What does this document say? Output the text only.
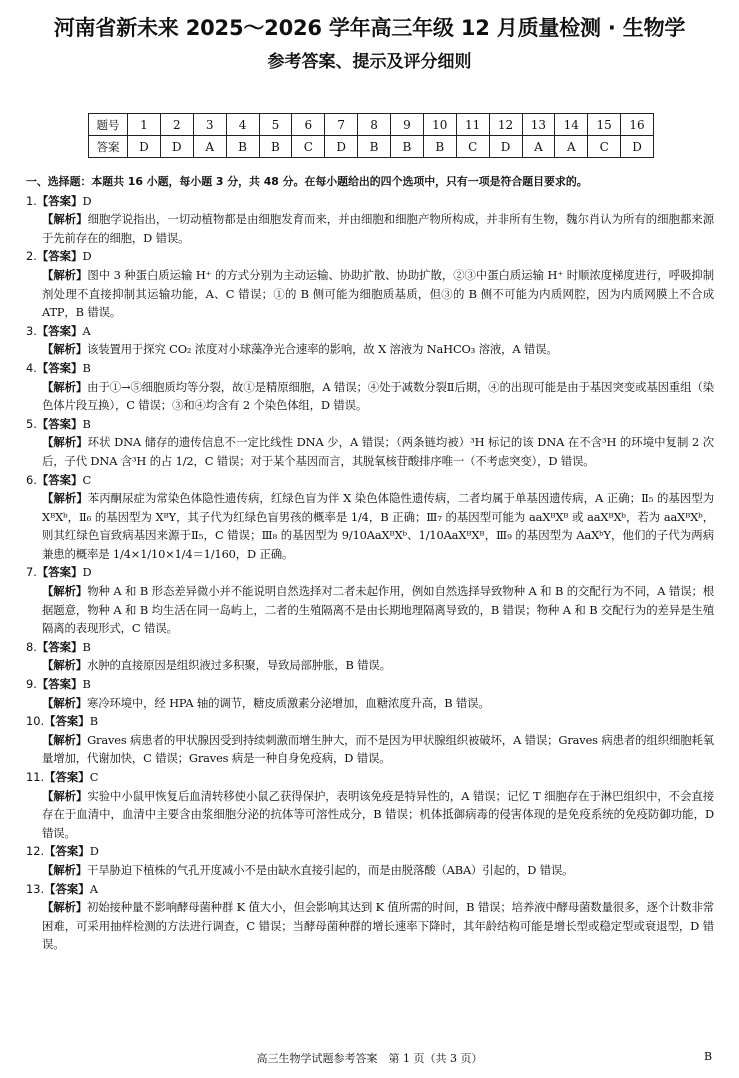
河南省新未来 2025～2026 学年高三年级 12 月质量检测 · 生物学
参考答案、提示及评分细则
题号	1	2	3	4	5	6	7	8	9	10	11	12	13	14	15	16
答案	D	D	A	B	B	C	D	B	B	B	C	D	A	A	C	D
一、选择题：本题共 16 小题，每小题 3 分，共 48 分。在每小题给出的四个选项中，只有一项是符合题目要求的。
1.【答案】D

【解析】细胞学说指出，一切动植物都是由细胞发育而来，并由细胞和细胞产物所构成，并非所有生物，魏尔肖认为所有的细胞都来源于先前存在的细胞，D 错误。

2.【答案】D

【解析】图中 3 种蛋白质运输 H⁺ 的方式分别为主动运输、协助扩散、协助扩散，②③中蛋白质运输 H⁺ 时顺浓度梯度进行，呼吸抑制剂处理不直接抑制其运输功能，A、C 错误；①的 B 侧可能为细胞质基质，但③的 B 侧不可能为内质网腔，因为内质网膜上不合成 ATP，B 错误。

3.【答案】A

【解析】该装置用于探究 CO₂ 浓度对小球藻净光合速率的影响，故 X 溶液为 NaHCO₃ 溶液，A 错误。

4.【答案】B

【解析】由于①→⑤细胞质均等分裂，故①是精原细胞，A 错误；④处于减数分裂Ⅱ后期，④的出现可能是由于基因突变或基因重组（染色体片段互换），C 错误；③和④均含有 2 个染色体组，D 错误。

5.【答案】B

【解析】环状 DNA 储存的遗传信息不一定比线性 DNA 少，A 错误；（两条链均被）³H 标记的该 DNA 在不含³H 的环境中复制 2 次后，子代 DNA 含³H 的占 1/2，C 错误；对于某个基因而言，其脱氧核苷酸排序唯一（不考虑突变），D 错误。

6.【答案】C

【解析】苯丙酮尿症为常染色体隐性遗传病，红绿色盲为伴 X 染色体隐性遗传病，二者均属于单基因遗传病，A 正确；Ⅱ₅ 的基因型为 XᴮXᵇ，Ⅱ₆ 的基因型为 XᴮY，其子代为红绿色盲男孩的概率是 1/4，B 正确；Ⅲ₇ 的基因型可能为 aaXᴮXᴮ 或 aaXᴮXᵇ，若为 aaXᴮXᵇ，则其红绿色盲致病基因来源于Ⅱ₅，C 错误；Ⅲ₈ 的基因型为 9/10AaXᴮXᵇ、1/10AaXᴮXᴮ，Ⅲ₉ 的基因型为 AaXᵇY，他们的子代为两病兼患的概率是 1/4×1/10×1/4＝1/160，D 正确。

7.【答案】D

【解析】物种 A 和 B 形态差异微小并不能说明自然选择对二者未起作用，例如自然选择导致物种 A 和 B 的交配行为不同，A 错误；根据题意，物种 A 和 B 均生活在同一岛屿上，二者的生殖隔离不是由长期地理隔离导致的，B 错误；物种 A 和 B 交配行为的差异是生殖隔离的表现形式，C 错误。

8.【答案】B

【解析】水肿的直接原因是组织液过多积聚，导致局部肿胀，B 错误。

9.【答案】B

【解析】寒冷环境中，经 HPA 轴的调节，糖皮质激素分泌增加，血糖浓度升高，B 错误。

10.【答案】B

【解析】Graves 病患者的甲状腺因受到持续刺激而增生肿大，而不是因为甲状腺组织被破坏，A 错误；Graves 病患者的组织细胞耗氧量增加，代谢加快，C 错误；Graves 病是一种自身免疫病，D 错误。

11.【答案】C

【解析】实验中小鼠甲恢复后血清转移使小鼠乙获得保护，表明该免疫是特异性的，A 错误；记忆 T 细胞存在于淋巴组织中，不会直接存在于血清中，血清中主要含由浆细胞分泌的抗体等可溶性成分，B 错误；机体抵御病毒的侵害体现的是免疫系统的免疫防御功能，D 错误。

12.【答案】D

【解析】干旱胁迫下植株的气孔开度减小不是由缺水直接引起的，而是由脱落酸（ABA）引起的，D 错误。

13.【答案】A

【解析】初始接种量不影响酵母菌种群 K 值大小，但会影响其达到 K 值所需的时间，B 错误；培养液中酵母菌数量很多，逐个计数非常困难，可采用抽样检测的方法进行调查，C 错误；当酵母菌种群的增长速率下降时，其年龄结构可能是增长型或稳定型或衰退型，D 错误。

高三生物学试题参考答案　第 1 页（共 3 页）	B
